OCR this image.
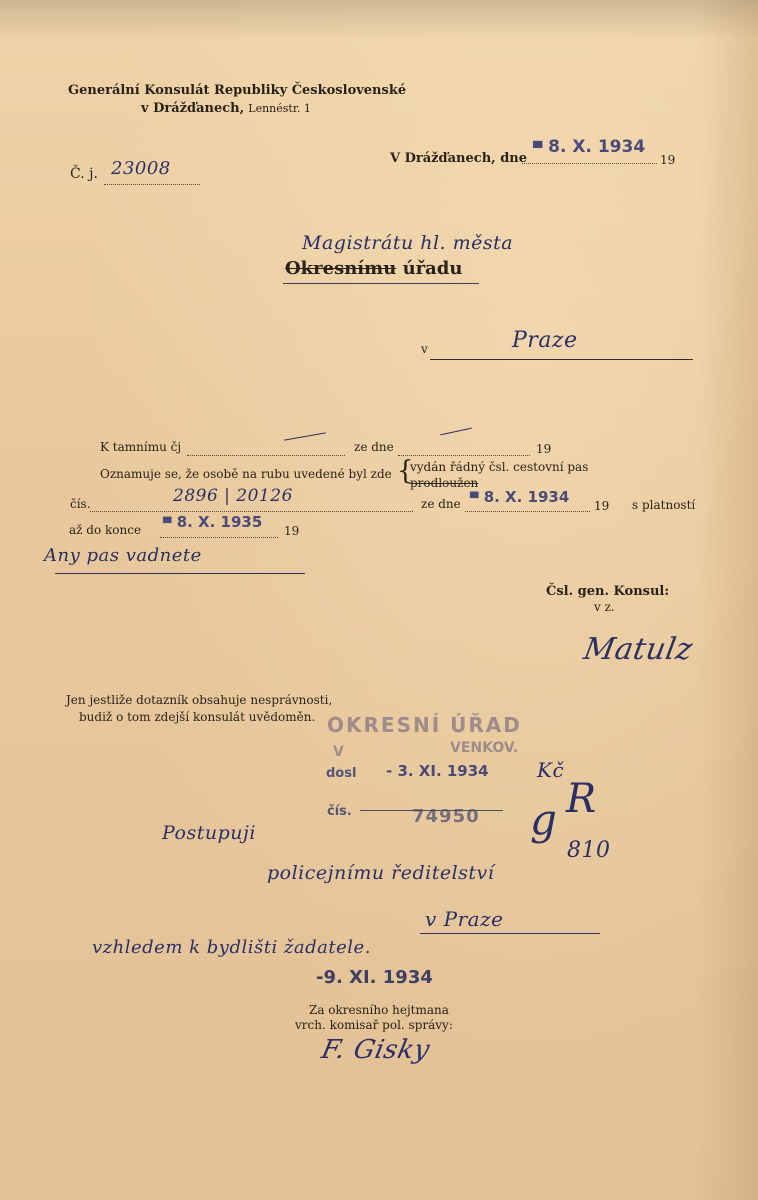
Generální Konsulát Republiky Československé
v Drážďanech, Lennéstr. 1
Č. j. 23008	V Drážďanech, dne
▀ 8. X. 1934
19
Magistrátu hl. města
Okresnímu úřadu
v	Praze
K tamnímu čj	ze dne	19
Oznamuje se, že osobě na rubu uvedené byl zde {
vydán řádný čsl. cestovní pas
prodloužen
čís.	2896 | 20126	ze dne ▀ 8. X. 1934 19 s platností
až do konce ▀ 8. X. 1935 19
Any pas vadnete
Čsl. gen. Konsul:
v z.
Matulz
Jen jestliže dotazník obsahuje nesprávnosti,
budiž o tom zdejší konsulát uvědoměn. OKRESNÍ ÚŘAD
V	VENKOV.
dosl - 3. XI. 1934 Kč
čís.	74950 g R
810
Postupuji
policejnímu ředitelství
v Praze
vzhledem k bydlišti žadatele.
-9. XI. 1934
Za okresního hejtmana
vrch. komisař pol. správy:
F. Gisky
